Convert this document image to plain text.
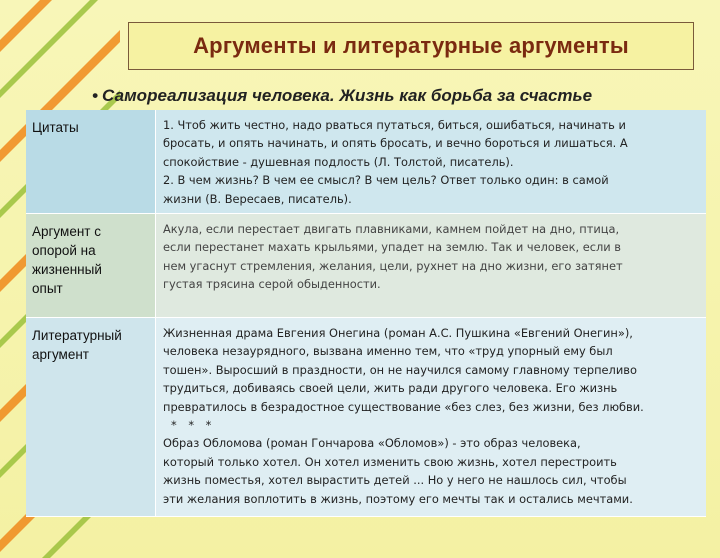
Аргументы и литературные аргументы
• Самореализация человека. Жизнь как борьба за счастье
Цитаты	1. Чтоб жить честно, надо рваться путаться, биться, ошибаться, начинать и
бросать, и опять начинать, и опять бросать, и вечно бороться и лишаться. А
спокойствие - душевная подлость (Л. Толстой, писатель).
2. В чем жизнь? В чем ее смысл? В чем цель? Ответ только один: в самой
жизни (В. Вересаев, писатель).
Аргумент с
опорой на
жизненный
опыт
Акула, если перестает двигать плавниками, камнем пойдет на дно, птица,
если перестанет махать крыльями, упадет на землю. Так и человек, если в
нем угаснут стремления, желания, цели, рухнет на дно жизни, его затянет
густая трясина серой обыденности.
Литературный
аргумент
Жизненная драма Евгения Онегина (роман А.С. Пушкина «Евгений Онегин»),
человека незаурядного, вызвана именно тем, что «труд упорный ему был
тошен». Выросший в праздности, он не научился самому главному терпеливо
трудиться, добиваясь своей цели, жить ради другого человека. Его жизнь
превратилось в безрадостное существование «без слез, без жизни, без любви.
* * *
Образ Обломова (роман Гончарова «Обломов») - это образ человека,
который только хотел. Он хотел изменить свою жизнь, хотел перестроить
жизнь поместья, хотел вырастить детей ... Но у него не нашлось сил, чтобы
эти желания воплотить в жизнь, поэтому его мечты так и остались мечтами.
